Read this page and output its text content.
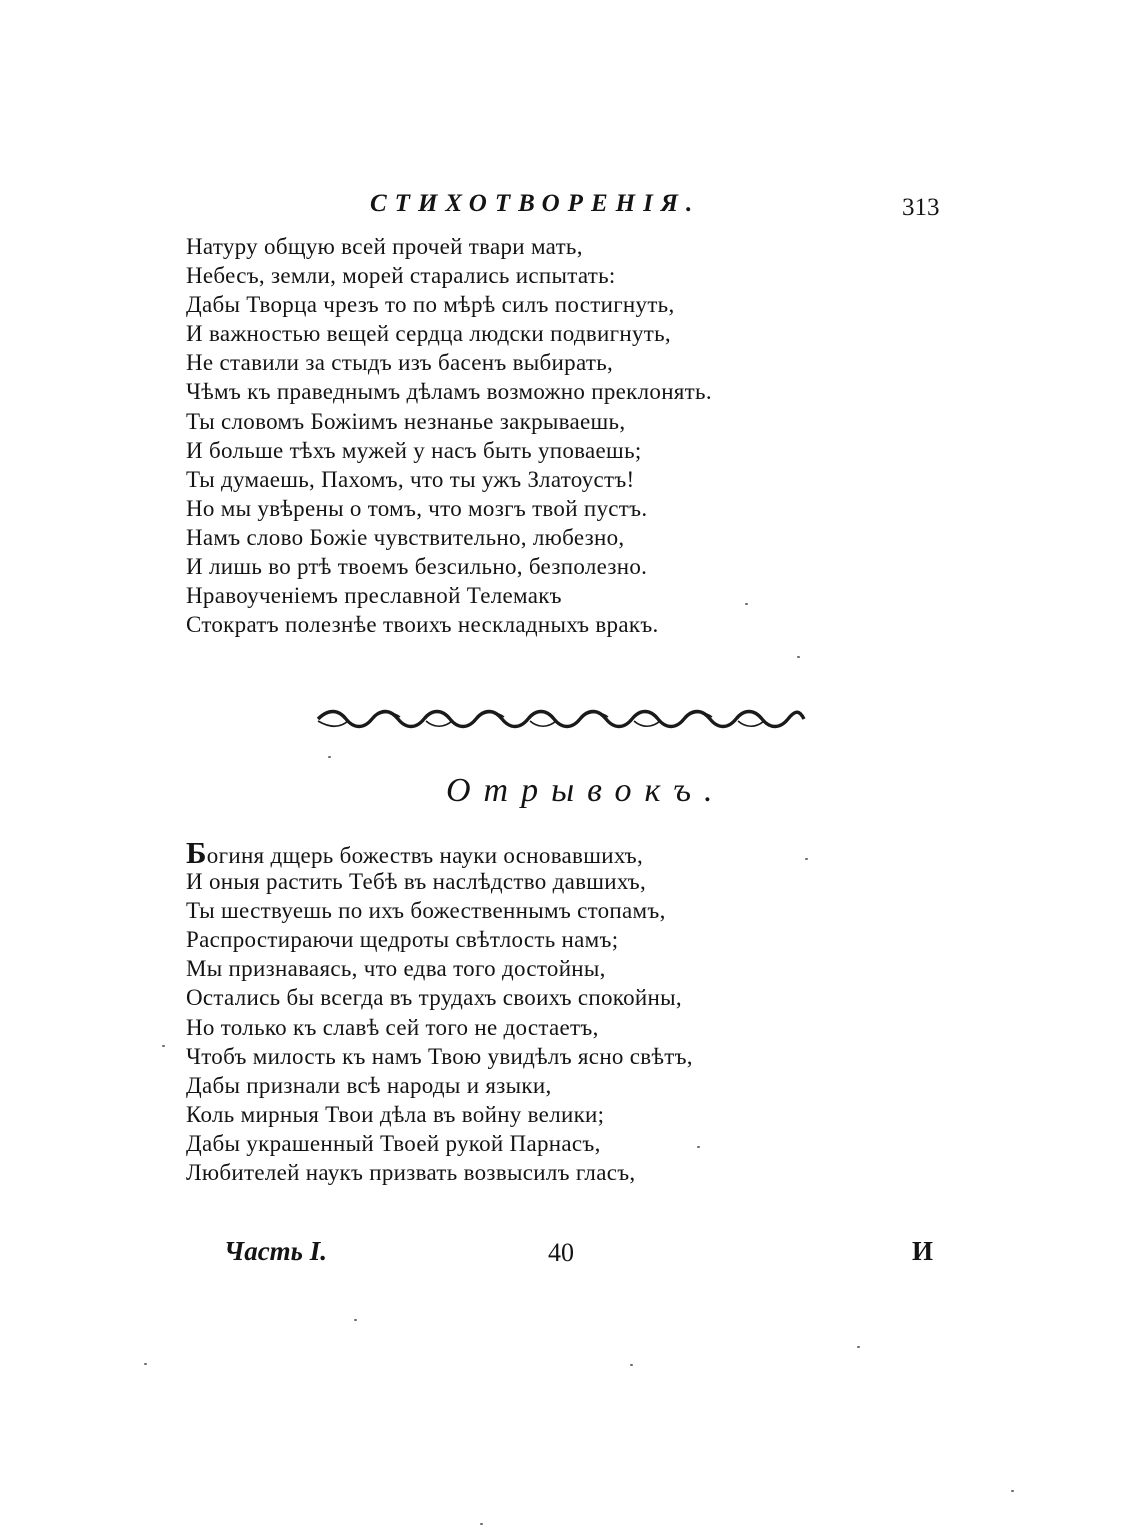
СТИХОТВОРЕНIЯ.	313
Натуру общую всей прочей твари мать,
Небесъ, земли, морей старались испытать:
Дабы Творца чрезъ то по мѣрѣ силъ постигнуть,
И важностью вещей сердца людски подвигнуть,
Не ставили за стыдъ изъ басенъ выбирать,
Чѣмъ къ праведнымъ дѣламъ возможно преклонять.
Ты словомъ Божiимъ незнанье закрываешь,
И больше тѣхъ мужей у насъ быть уповаешь;
Ты думаешь, Пахомъ, что ты ужъ Златоустъ!
Но мы увѣрены о томъ, что мозгъ твой пустъ.
Намъ слово Божiе чувствительно, любезно,
И лишь во ртѣ твоемъ безсильно, безполезно.
Нравоученiемъ преславной Телемакъ
Стократъ полезнѣе твоихъ нескладныхъ вракъ.
Отрывокъ.
Богиня дщерь божествъ науки основавшихъ,
И оныя растить Тебѣ въ наслѣдство давшихъ,
Ты шествуешь по ихъ божественнымъ стопамъ,
Распростираючи щедроты свѣтлость намъ;
Мы признаваясь, что едва того достойны,
Остались бы всегда въ трудахъ своихъ спокойны,
Но только къ славѣ сей того не достаетъ,
Чтобъ милость къ намъ Твою увидѣлъ ясно свѣтъ,
Дабы признали всѣ народы и языки,
Коль мирныя Твои дѣла въ войну велики;
Дабы украшенный Твоей рукой Парнасъ,
Любителей наукъ призвать возвысилъ гласъ,
Часть I.	40	И
